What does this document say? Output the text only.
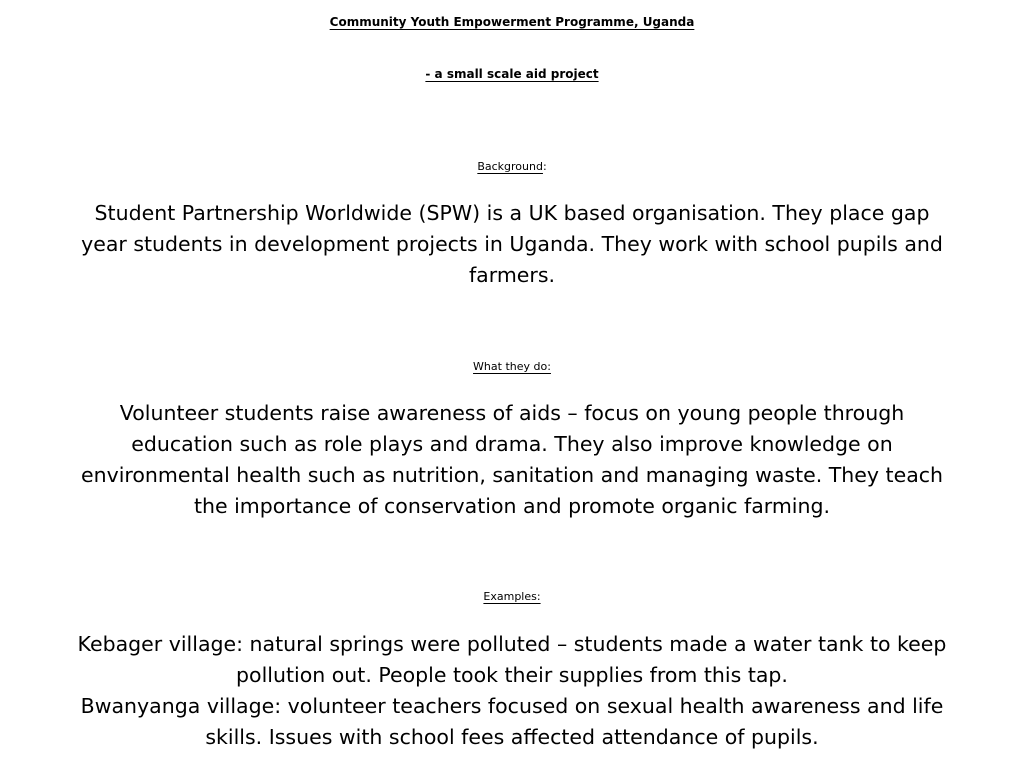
Community Youth Empowerment Programme, Uganda
- a small scale aid project
Background:
Student Partnership Worldwide (SPW) is a UK based organisation. They place gap
year students in development projects in Uganda. They work with school pupils and
farmers.
What they do:
Volunteer students raise awareness of aids – focus on young people through
education such as role plays and drama. They also improve knowledge on
environmental health such as nutrition, sanitation and managing waste. They teach
the importance of conservation and promote organic farming.
Examples:
Kebager village: natural springs were polluted – students made a water tank to keep
pollution out. People took their supplies from this tap.
Bwanyanga village: volunteer teachers focused on sexual health awareness and life
skills. Issues with school fees affected attendance of pupils.
